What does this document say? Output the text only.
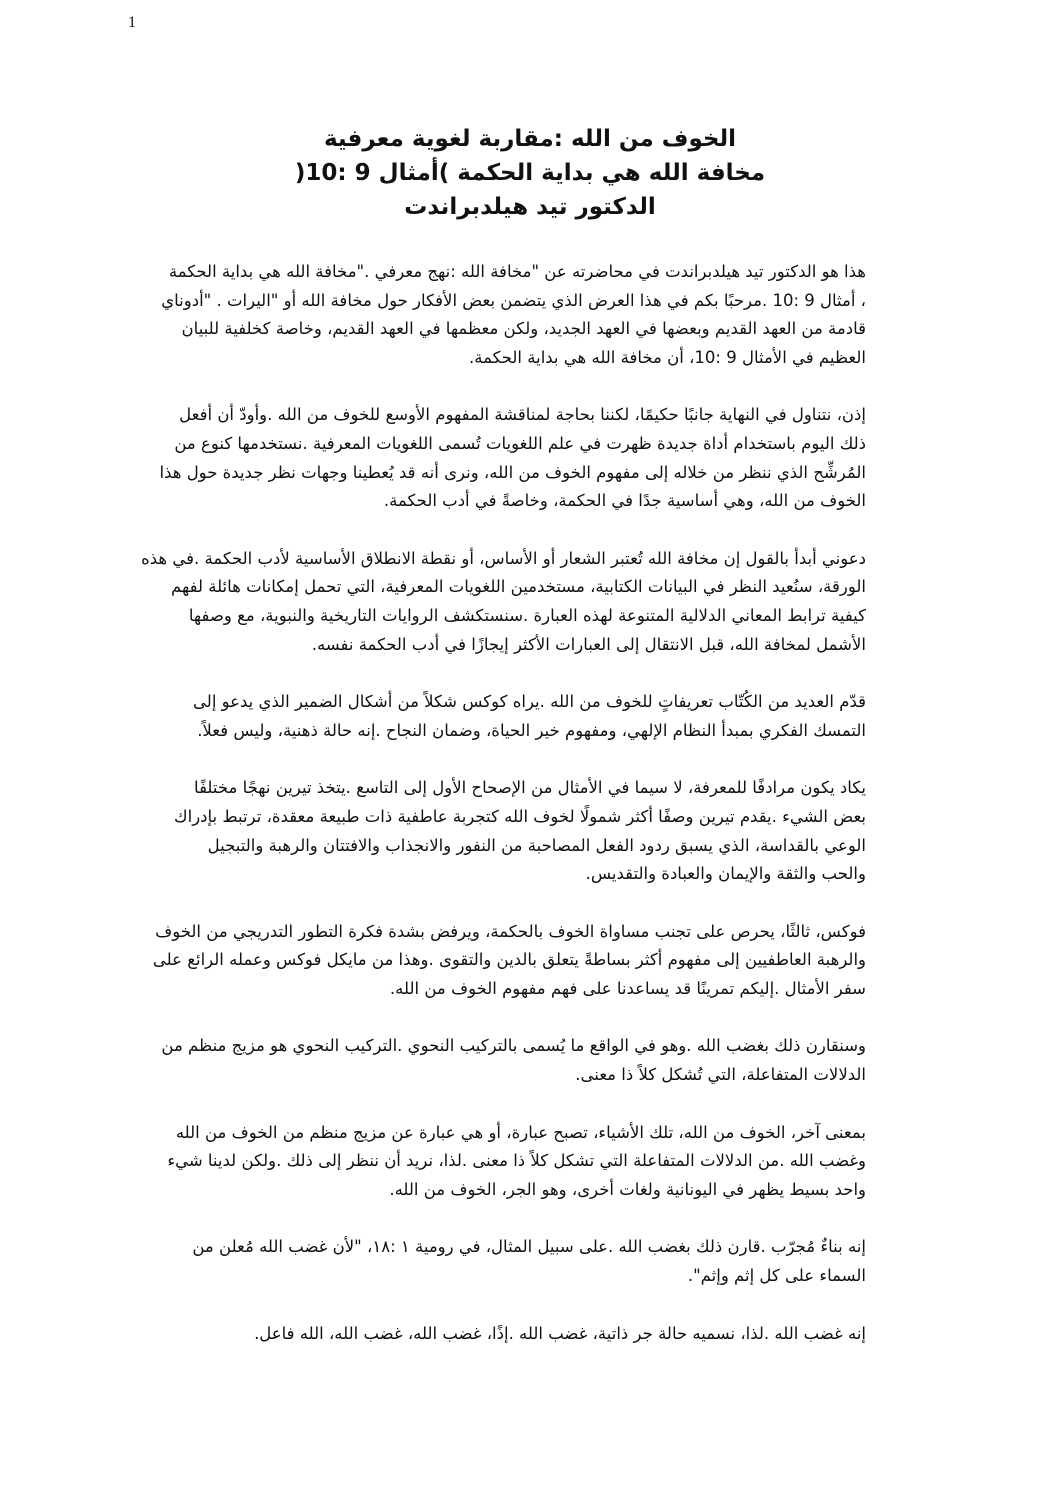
1
الخوف من الله :مقاربة لغوية معرفية
مخافة الله هي بداية الحكمة )أمثال 9 :10(
الدكتور تيد هيلدبراندت
هذا هو الدكتور تيد هيلدبراندت في محاضرته عن "مخافة الله :نهج معرفي ."مخافة الله هي بداية الحكمة
، أمثال 9 :10 .مرحبًا بكم في هذا العرض الذي يتضمن بعض الأفكار حول مخافة الله أو "اليرات . "أدوناي
قادمة من العهد القديم وبعضها في العهد الجديد، ولكن معظمها في العهد القديم، وخاصة كخلفية للبيان
العظيم في الأمثال 9 :10، أن مخافة الله هي بداية الحكمة.
إذن، نتناول في النهاية جانبًا حكيمًا، لكننا بحاجة لمناقشة المفهوم الأوسع للخوف من الله .وأودّ أن أفعل
ذلك اليوم باستخدام أداة جديدة ظهرت في علم اللغويات تُسمى اللغويات المعرفية .نستخدمها كنوع من
المُرشِّح الذي ننظر من خلاله إلى مفهوم الخوف من الله، ونرى أنه قد يُعطينا وجهات نظر جديدة حول هذا
الخوف من الله، وهي أساسية جدًا في الحكمة، وخاصةً في أدب الحكمة.
دعوني أبدأ بالقول إن مخافة الله تُعتبر الشعار أو الأساس، أو نقطة الانطلاق الأساسية لأدب الحكمة .في هذه
الورقة، سنُعيد النظر في البيانات الكتابية، مستخدمين اللغويات المعرفية، التي تحمل إمكانات هائلة لفهم
كيفية ترابط المعاني الدلالية المتنوعة لهذه العبارة .سنستكشف الروايات التاريخية والنبوية، مع وصفها
الأشمل لمخافة الله، قبل الانتقال إلى العبارات الأكثر إيجازًا في أدب الحكمة نفسه.
قدّم العديد من الكُتّاب تعريفاتٍ للخوف من الله .يراه كوكس شكلاً من أشكال الضمير الذي يدعو إلى
التمسك الفكري بمبدأ النظام الإلهي، ومفهوم خير الحياة، وضمان النجاح .إنه حالة ذهنية، وليس فعلاً.
يكاد يكون مرادفًا للمعرفة، لا سيما في الأمثال من الإصحاح الأول إلى التاسع .يتخذ تيرين نهجًا مختلفًا
بعض الشيء .يقدم تيرين وصفًا أكثر شمولًا لخوف الله كتجربة عاطفية ذات طبيعة معقدة، ترتبط بإدراك
الوعي بالقداسة، الذي يسبق ردود الفعل المصاحبة من النفور والانجذاب والافتتان والرهبة والتبجيل
والحب والثقة والإيمان والعبادة والتقديس.
فوكس، ثالثًا، يحرص على تجنب مساواة الخوف بالحكمة، ويرفض بشدة فكرة التطور التدريجي من الخوف
والرهبة العاطفيين إلى مفهوم أكثر بساطةً يتعلق بالدين والتقوى .وهذا من مايكل فوكس وعمله الرائع على
سفر الأمثال .إليكم تمرينًا قد يساعدنا على فهم مفهوم الخوف من الله.
وسنقارن ذلك بغضب الله .وهو في الواقع ما يُسمى بالتركيب النحوي .التركيب النحوي هو مزيج منظم من
الدلالات المتفاعلة، التي تُشكل كلاً ذا معنى.
بمعنى آخر، الخوف من الله، تلك الأشياء، تصبح عبارة، أو هي عبارة عن مزيج منظم من الخوف من الله
وغضب الله .من الدلالات المتفاعلة التي تشكل كلاً ذا معنى .لذا، نريد أن ننظر إلى ذلك .ولكن لدينا شيء
واحد بسيط يظهر في اليونانية ولغات أخرى، وهو الجر، الخوف من الله.
إنه بناءٌ مُجرّب .قارن ذلك بغضب الله .على سبيل المثال، في رومية ١ :١٨، "لأن غضب الله مُعلن من
السماء على كل إثم وإثم".
إنه غضب الله .لذا، نسميه حالة جر ذاتية، غضب الله .إذًا، غضب الله، غضب الله، الله فاعل.
